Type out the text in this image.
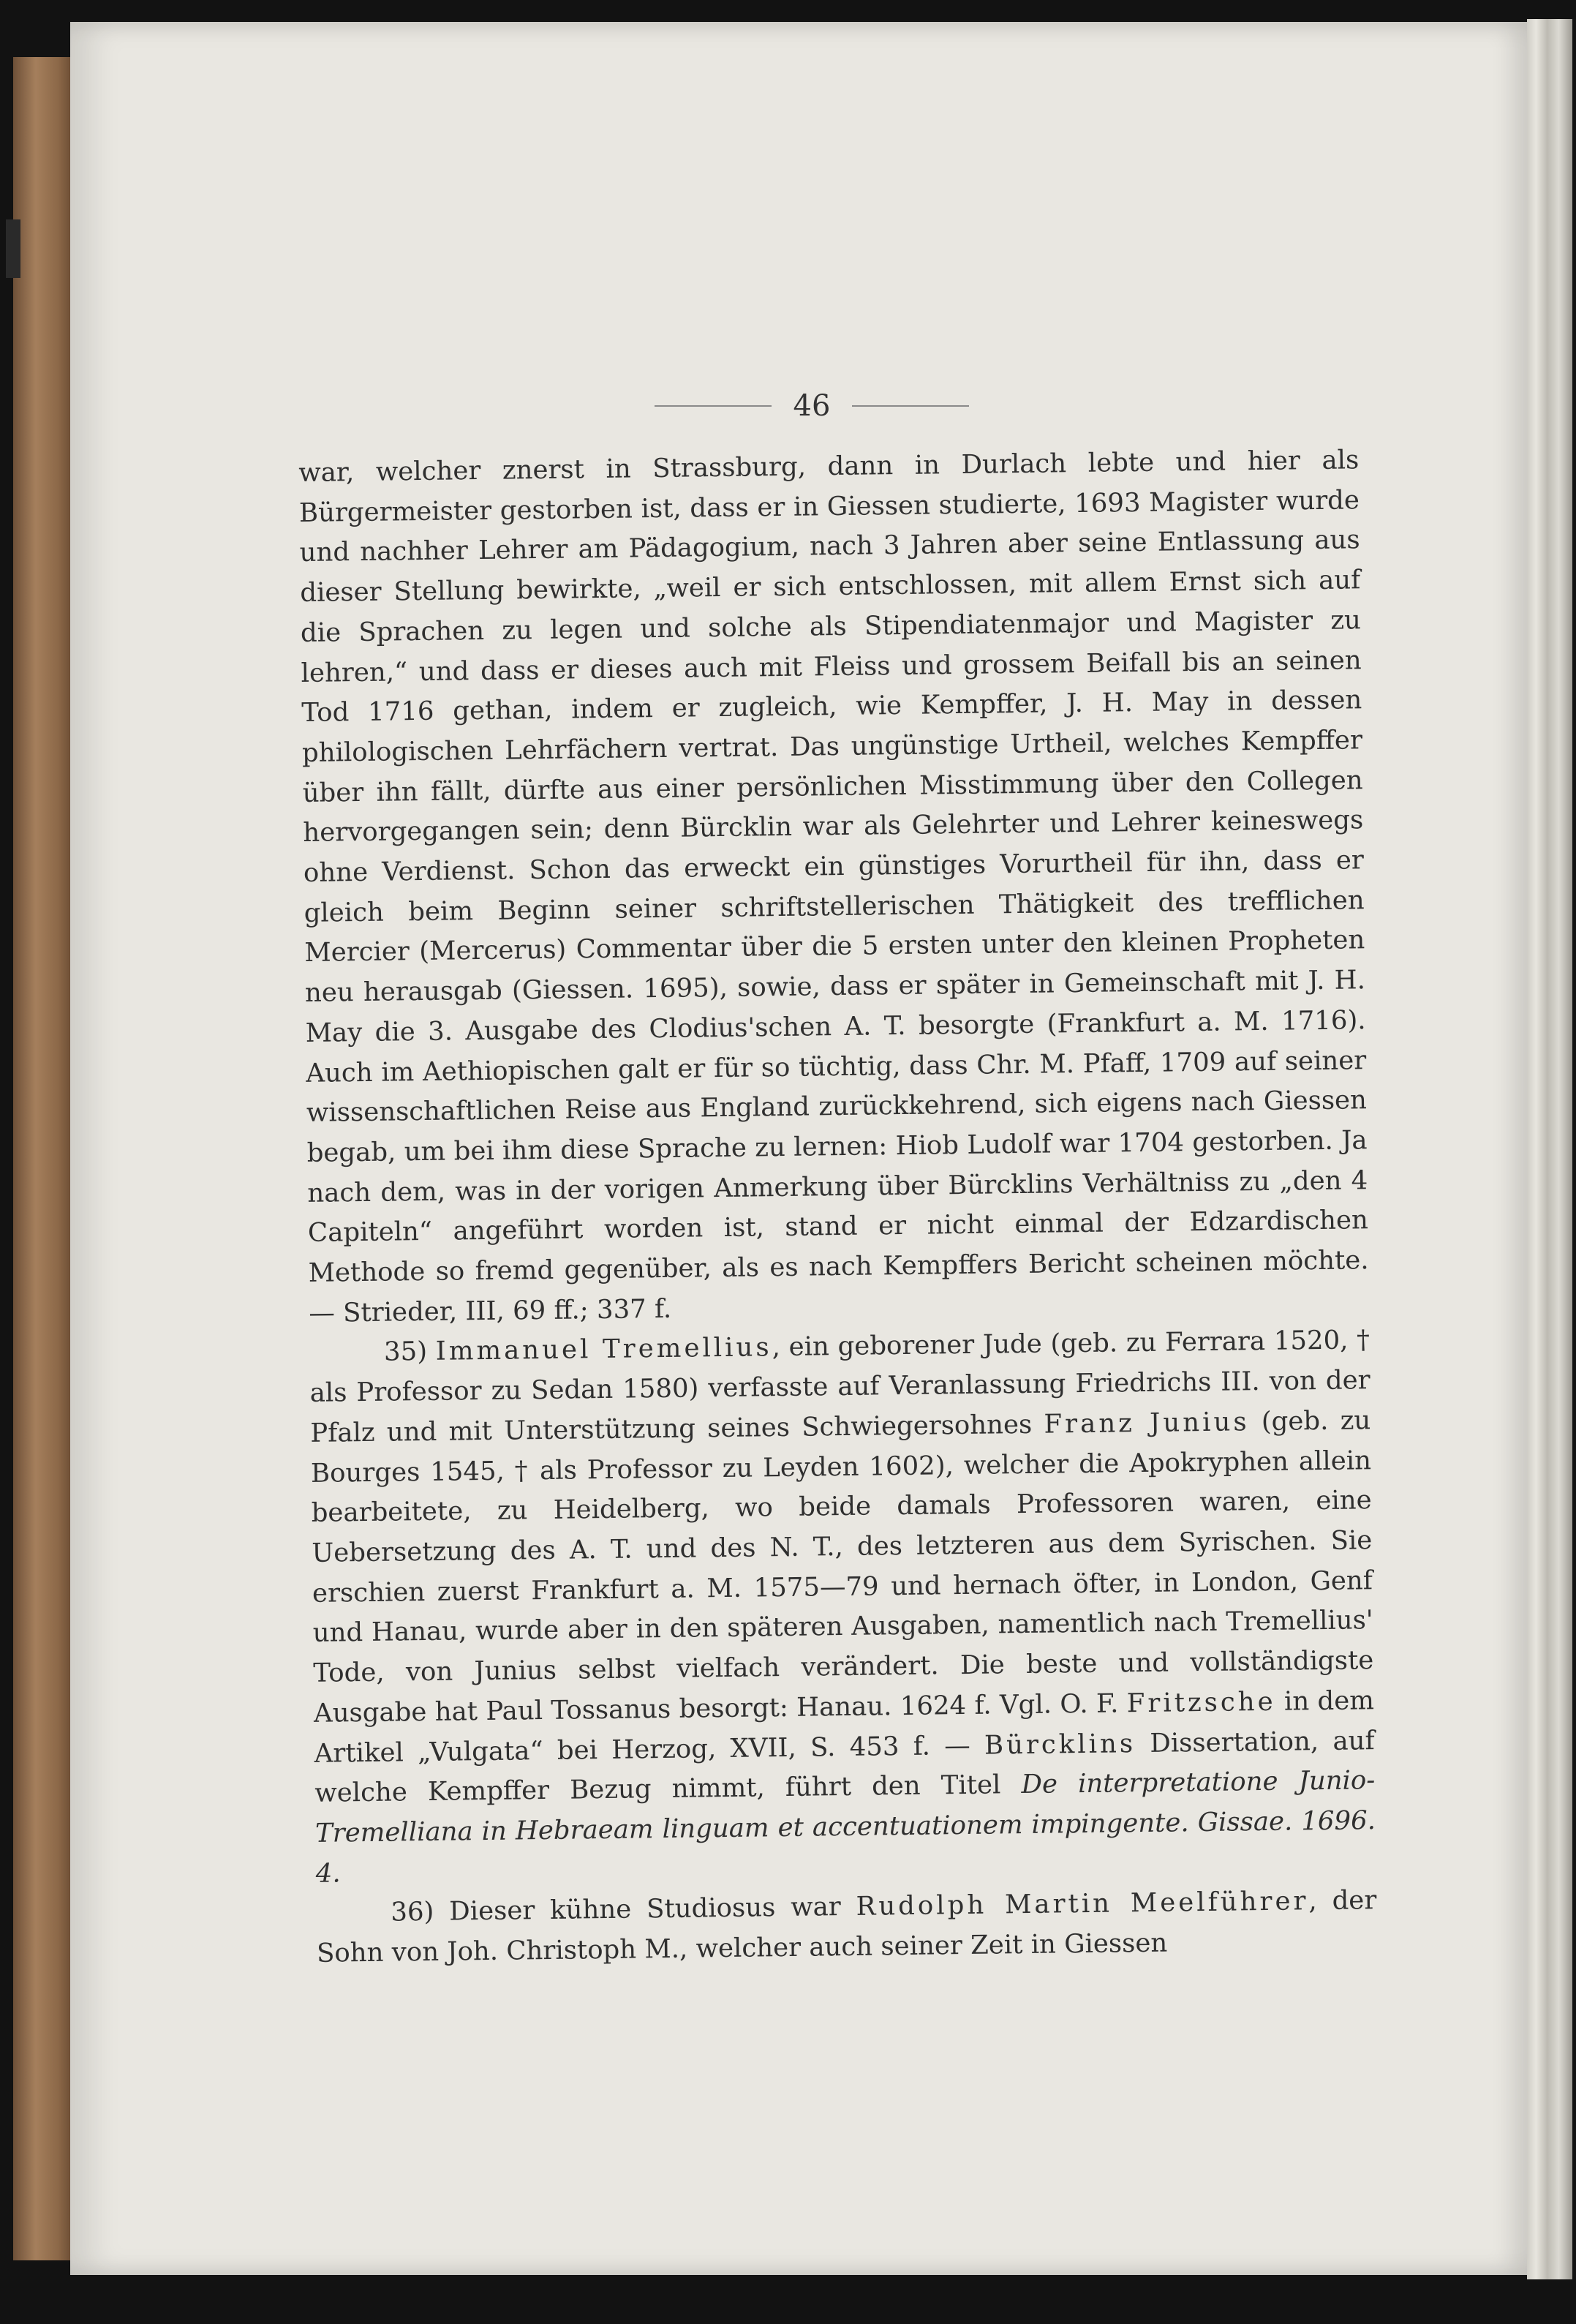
46

war, welcher znerst in Strassburg, dann in Durlach lebte und hier als Bürgermeister gestorben ist, dass er in Giessen studierte, 1693 Magister wurde und nachher Lehrer am Pädagogium, nach 3 Jahren aber seine Entlassung aus dieser Stellung bewirkte, „weil er sich entschlossen, mit allem Ernst sich auf die Sprachen zu legen und solche als Stipendiatenmajor und Magister zu lehren,“ und dass er dieses auch mit Fleiss und grossem Beifall bis an seinen Tod 1716 gethan, indem er zugleich, wie Kempffer, J. H. May in dessen philologischen Lehrfächern vertrat. Das ungünstige Urtheil, welches Kempffer über ihn fällt, dürfte aus einer persönlichen Misstimmung über den Collegen hervorgegangen sein; denn Bürcklin war als Gelehrter und Lehrer keineswegs ohne Verdienst. Schon das erweckt ein günstiges Vorurtheil für ihn, dass er gleich beim Beginn seiner schriftstellerischen Thätigkeit des trefflichen Mercier (Mercerus) Commentar über die 5 ersten unter den kleinen Propheten neu herausgab (Giessen. 1695), sowie, dass er später in Gemeinschaft mit J. H. May die 3. Ausgabe des Clodius'schen A. T. besorgte (Frankfurt a. M. 1716). Auch im Aethiopischen galt er für so tüchtig, dass Chr. M. Pfaff, 1709 auf seiner wissenschaftlichen Reise aus England zurückkehrend, sich eigens nach Giessen begab, um bei ihm diese Sprache zu lernen: Hiob Ludolf war 1704 gestorben. Ja nach dem, was in der vorigen Anmerkung über Bürcklins Verhältniss zu „den 4 Capiteln“ angeführt worden ist, stand er nicht einmal der Edzardischen Methode so fremd gegenüber, als es nach Kempffers Bericht scheinen möchte. — Strieder, III, 69 ff.; 337 f.

35) Immanuel Tremellius, ein geborener Jude (geb. zu Ferrara 1520, † als Professor zu Sedan 1580) verfasste auf Veranlassung Friedrichs III. von der Pfalz und mit Unterstützung seines Schwiegersohnes Franz Junius (geb. zu Bourges 1545, † als Professor zu Leyden 1602), welcher die Apokryphen allein bearbeitete, zu Heidelberg, wo beide damals Professoren waren, eine Uebersetzung des A. T. und des N. T., des letzteren aus dem Syrischen. Sie erschien zuerst Frankfurt a. M. 1575—79 und hernach öfter, in London, Genf und Hanau, wurde aber in den späteren Ausgaben, namentlich nach Tremellius' Tode, von Junius selbst vielfach verändert. Die beste und vollständigste Ausgabe hat Paul Tossanus besorgt: Hanau. 1624 f. Vgl. O. F. Fritzsche in dem Artikel „Vulgata“ bei Herzog, XVII, S. 453 f. — Bürcklins Dissertation, auf welche Kempffer Bezug nimmt, führt den Titel De interpretatione Junio-Tremelliana in Hebraeam linguam et accentuationem impingente. Gissae. 1696. 4.

36) Dieser kühne Studiosus war Rudolph Martin Meelführer, der Sohn von Joh. Christoph M., welcher auch seiner Zeit in Giessen
